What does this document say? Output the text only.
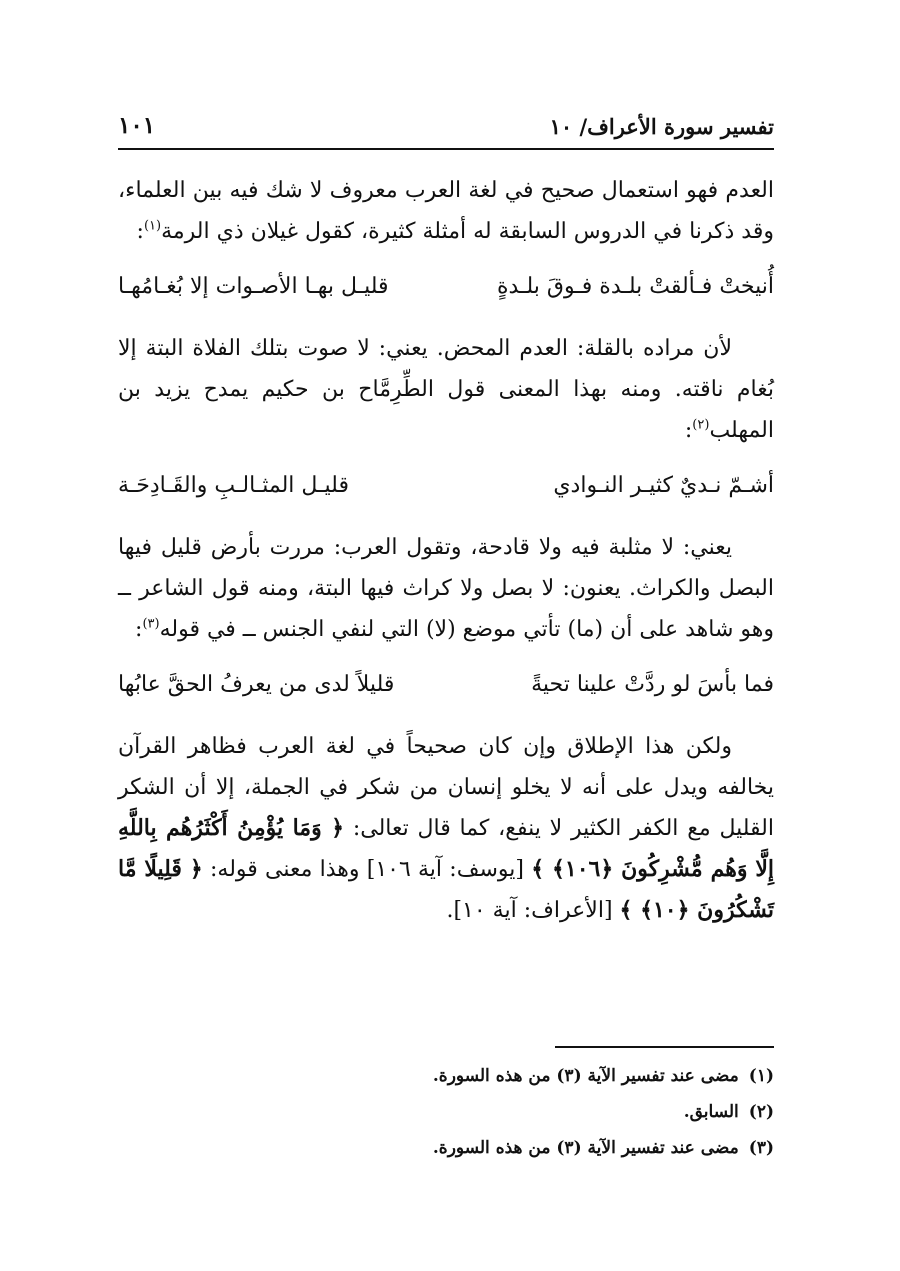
تفسير سورة الأعراف/ ١٠
١٠١

العدم فهو استعمال صحيح في لغة العرب معروف لا شك فيه بين العلماء، وقد ذكرنا في الدروس السابقة له أمثلة كثيرة، كقول غيلان ذي الرمة$^{(١)}$:

أُنيختْ فـألقتْ بلـدة فـوقَ بلـدةٍ
قليـل بهـا الأصـوات إلا بُغـامُهـا

لأن مراده بالقلة: العدم المحض. يعني: لا صوت بتلك الفلاة البتة إلا بُغام ناقته. ومنه بهذا المعنى قول الطِّرِمَّاح بن حكيم يمدح يزيد بن المهلب$^{(٢)}$:

أشـمّ نـديٌ كثيـر النـوادي
قليـل المثـالـبِ والقَـادِحَـة

يعني: لا مثلبة فيه ولا قادحة، وتقول العرب: مررت بأرض قليل فيها البصل والكراث. يعنون: لا بصل ولا كراث فيها البتة، ومنه قول الشاعر ــ وهو شاهد على أن (ما) تأتي موضع (لا) التي لنفي الجنس ــ في قوله$^{(٣)}$:

فما بأسَ لو ردَّتْ علينا تحيةً
قليلاً لدى من يعرفُ الحقَّ عابُها

ولكن هذا الإطلاق وإن كان صحيحاً في لغة العرب فظاهر القرآن يخالفه ويدل على أنه لا يخلو إنسان من شكر في الجملة، إلا أن الشكر القليل مع الكفر الكثير لا ينفع، كما قال تعالى: ﴿ وَمَا يُؤْمِنُ أَكْثَرُهُم بِاللَّهِ إِلَّا وَهُم مُّشْرِكُونَ ﴿١٠٦﴾ ﴾ [يوسف: آية ١٠٦] وهذا معنى قوله: ﴿ قَلِيلًا مَّا تَشْكُرُونَ ﴿١٠﴾ ﴾ [الأعراف: آية ١٠].

(١)مضى عند تفسير الآية (٣) من هذه السورة.
(٢)السابق.
(٣)مضى عند تفسير الآية (٣) من هذه السورة.
